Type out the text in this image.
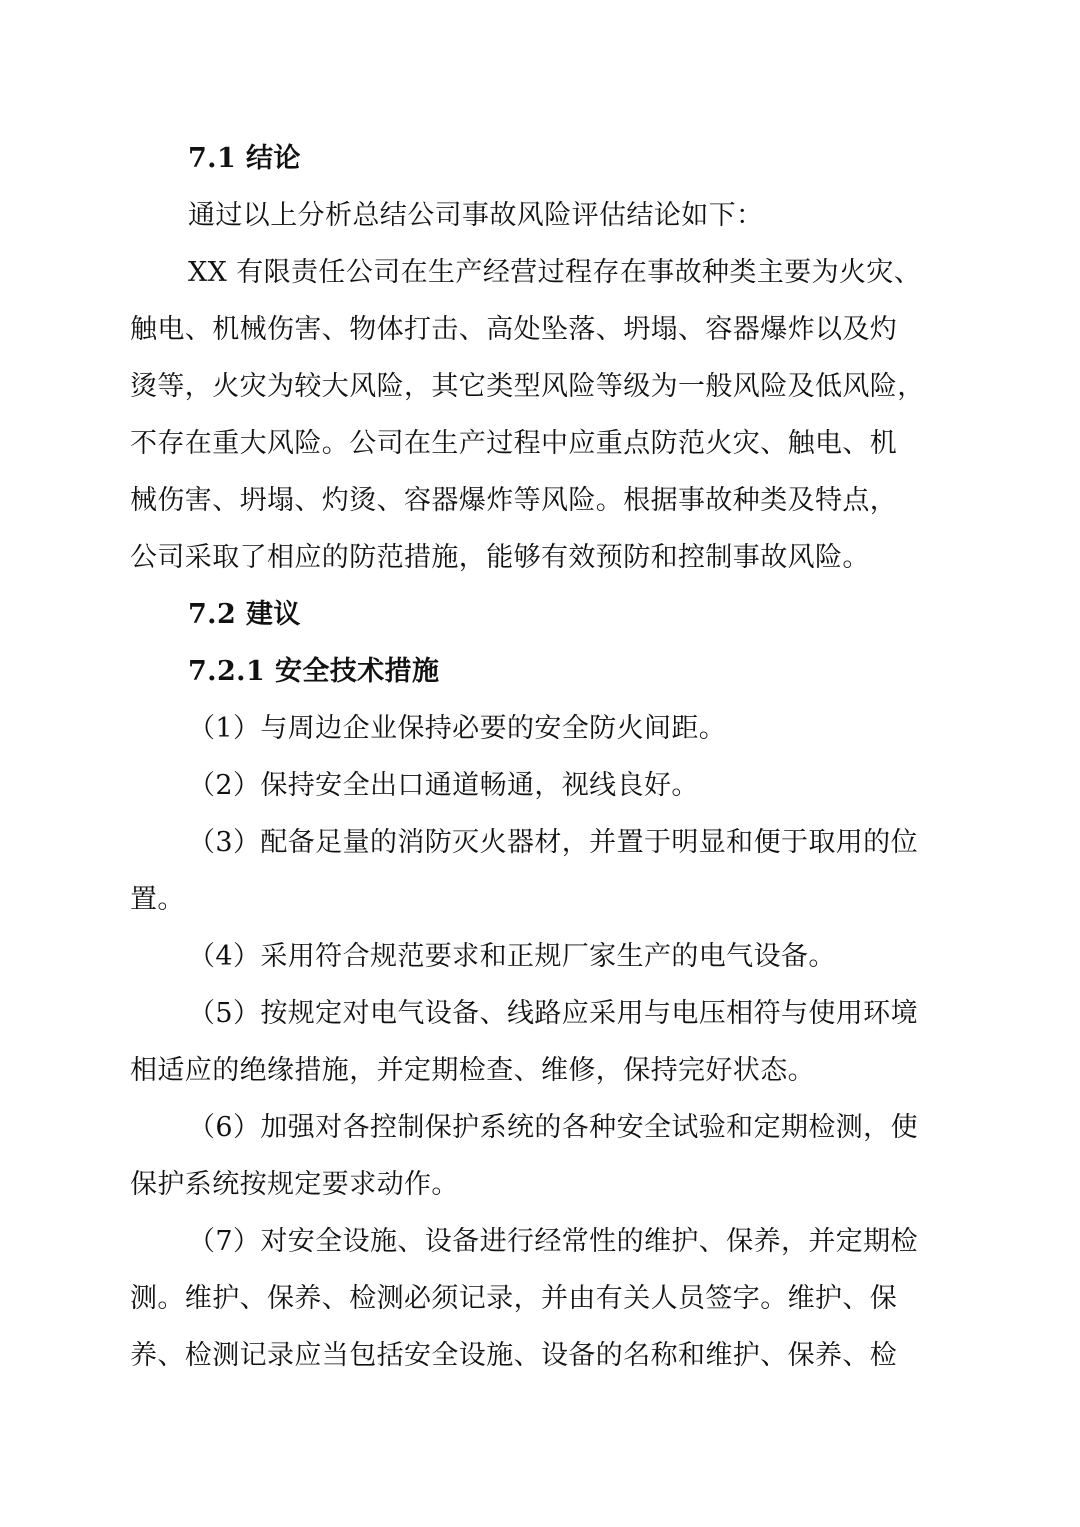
7.1 结论
通过以上分析总结公司事故风险评估结论如下：
XX 有限责任公司在生产经营过程存在事故种类主要为火灾、
触电、机械伤害、物体打击、高处坠落、坍塌、容器爆炸以及灼
烫等，火灾为较大风险，其它类型风险等级为一般风险及低风险，
不存在重大风险。公司在生产过程中应重点防范火灾、触电、机
械伤害、坍塌、灼烫、容器爆炸等风险。根据事故种类及特点，
公司采取了相应的防范措施，能够有效预防和控制事故风险。
7.2 建议
7.2.1 安全技术措施
（1）与周边企业保持必要的安全防火间距。
（2）保持安全出口通道畅通，视线良好。
（3）配备足量的消防灭火器材，并置于明显和便于取用的位
置。
（4）采用符合规范要求和正规厂家生产的电气设备。
（5）按规定对电气设备、线路应采用与电压相符与使用环境
相适应的绝缘措施，并定期检查、维修，保持完好状态。
（6）加强对各控制保护系统的各种安全试验和定期检测，使
保护系统按规定要求动作。
（7）对安全设施、设备进行经常性的维护、保养，并定期检
测。维护、保养、检测必须记录，并由有关人员签字。维护、保
养、检测记录应当包括安全设施、设备的名称和维护、保养、检
